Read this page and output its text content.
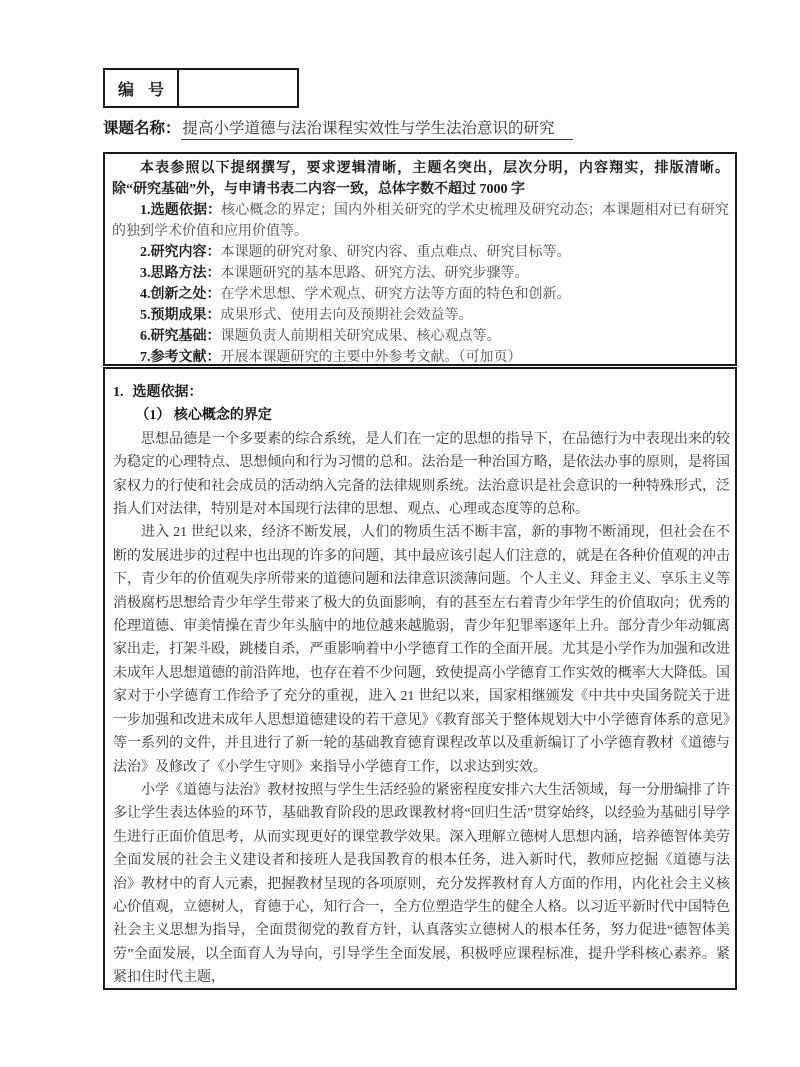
编 号
课题名称： 提高小学道德与法治课程实效性与学生法治意识的研究
本表参照以下提纲撰写，要求逻辑清晰，主题名突出，层次分明，内容翔实，排版清晰。
除“研究基础”外，与申请书表二内容一致，总体字数不超过 7000 字
1.选题依据：核心概念的界定；国内外相关研究的学术史梳理及研究动态；本课题相对已有研究的独到学术价值和应用价值等。
2.研究内容：本课题的研究对象、研究内容、重点难点、研究目标等。
3.思路方法：本课题研究的基本思路、研究方法、研究步骤等。
4.创新之处：在学术思想、学术观点、研究方法等方面的特色和创新。
5.预期成果：成果形式、使用去向及预期社会效益等。
6.研究基础：课题负责人前期相关研究成果、核心观点等。
7.参考文献：开展本课题研究的主要中外参考文献。（可加页）
1. 选题依据：
（1） 核心概念的界定

思想品德是一个多要素的综合系统，是人们在一定的思想的指导下，在品德行为中表现出来的较为稳定的心理特点、思想倾向和行为习惯的总和。法治是一种治国方略，是依法办事的原则，是将国家权力的行使和社会成员的活动纳入完备的法律规则系统。法治意识是社会意识的一种特殊形式，泛指人们对法律，特别是对本国现行法律的思想、观点、心理或态度等的总称。

进入 21 世纪以来，经济不断发展，人们的物质生活不断丰富，新的事物不断涌现，但社会在不断的发展进步的过程中也出现的许多的问题，其中最应该引起人们注意的，就是在各种价值观的冲击下，青少年的价值观失序所带来的道德问题和法律意识淡薄问题。个人主义、拜金主义、享乐主义等消极腐朽思想给青少年学生带来了极大的负面影响，有的甚至左右着青少年学生的价值取向；优秀的伦理道德、审美情操在青少年头脑中的地位越来越脆弱，青少年犯罪率逐年上升。部分青少年动辄离家出走，打架斗殴，跳楼自杀，严重影响着中小学德育工作的全面开展。尤其是小学作为加强和改进未成年人思想道德的前沿阵地，也存在着不少问题，致使提高小学德育工作实效的概率大大降低。国家对于小学德育工作给予了充分的重视，进入 21 世纪以来，国家相继颁发《中共中央国务院关于进一步加强和改进未成年人思想道德建设的若干意见》《教育部关于整体规划大中小学德育体系的意见》等一系列的文件，并且进行了新一轮的基础教育德育课程改革以及重新编订了小学德育教材《道德与法治》及修改了《小学生守则》来指导小学德育工作，以求达到实效。

小学《道德与法治》教材按照与学生生活经验的紧密程度安排六大生活领域，每一分册编排了许多让学生表达体验的环节，基础教育阶段的思政课教材将“回归生活”贯穿始终，以经验为基础引导学生进行正面价值思考，从而实现更好的课堂教学效果。深入理解立德树人思想内涵，培养德智体美劳全面发展的社会主义建设者和接班人是我国教育的根本任务，进入新时代，教师应挖掘《道德与法治》教材中的育人元素，把握教材呈现的各项原则，充分发挥教材育人方面的作用，内化社会主义核心价值观，立德树人，育德于心，知行合一，全方位塑造学生的健全人格。以习近平新时代中国特色社会主义思想为指导，全面贯彻党的教育方针，认真落实立德树人的根本任务，努力促进“德智体美劳”全面发展，以全面育人为导向，引导学生全面发展，积极呼应课程标准，提升学科核心素养。紧紧扣住时代主题，
